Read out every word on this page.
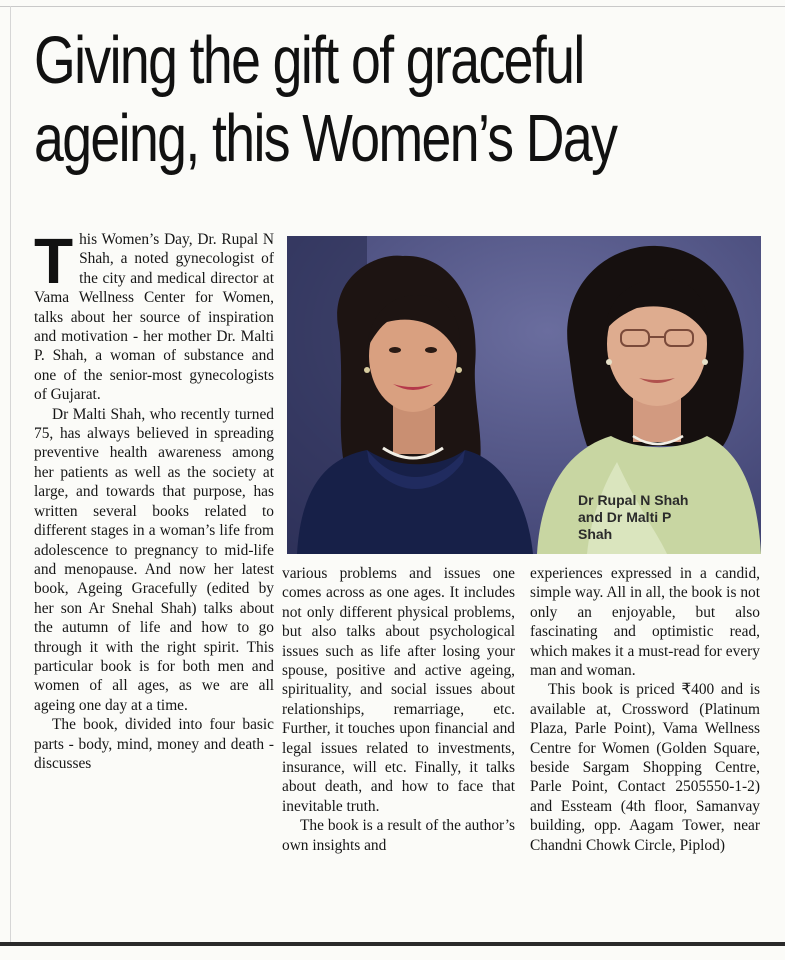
Giving the gift of graceful
ageing, this Women’s Day

This Women’s Day, Dr. Rupal N Shah, a noted gynecologist of the city and medical director at Vama Wellness Center for Women, talks about her source of inspiration and motivation - her mother Dr. Malti P. Shah, a woman of substance and one of the senior-most gynecologists of Gujarat.

Dr Malti Shah, who recently turned 75, has always believed in spreading preventive health awareness among her patients as well as the society at large, and towards that purpose, has written several books related to different stages in a woman’s life from adolescence to pregnancy to mid-life and menopause. And now her latest book, Ageing Gracefully (edited by her son Ar Snehal Shah) talks about the autumn of life and how to go through it with the right spirit. This particular book is for both men and women of all ages, as we are all ageing one day at a time.

The book, divided into four basic parts - body, mind, money and death - discusses

Dr Rupal N Shah
and Dr Malti P
Shah

various problems and issues one comes across as one ages. It includes not only different physical problems, but also talks about psychological issues such as life after losing your spouse, positive and active ageing, spirituality, and social issues about relationships, remarriage, etc. Further, it touches upon financial and legal issues related to investments, insurance, will etc. Finally, it talks about death, and how to face that inevitable truth.

The book is a result of the author’s own insights and

experiences expressed in a candid, simple way. All in all, the book is not only an enjoyable, but also fascinating and optimistic read, which makes it a must-read for every man and woman.

This book is priced ₹400 and is available at, Crossword (Platinum Plaza, Parle Point), Vama Wellness Centre for Women (Golden Square, beside Sargam Shopping Centre, Parle Point, Contact 2505550-1-2) and Essteam (4th floor, Samanvay building, opp. Aagam Tower, near Chandni Chowk Circle, Piplod)
